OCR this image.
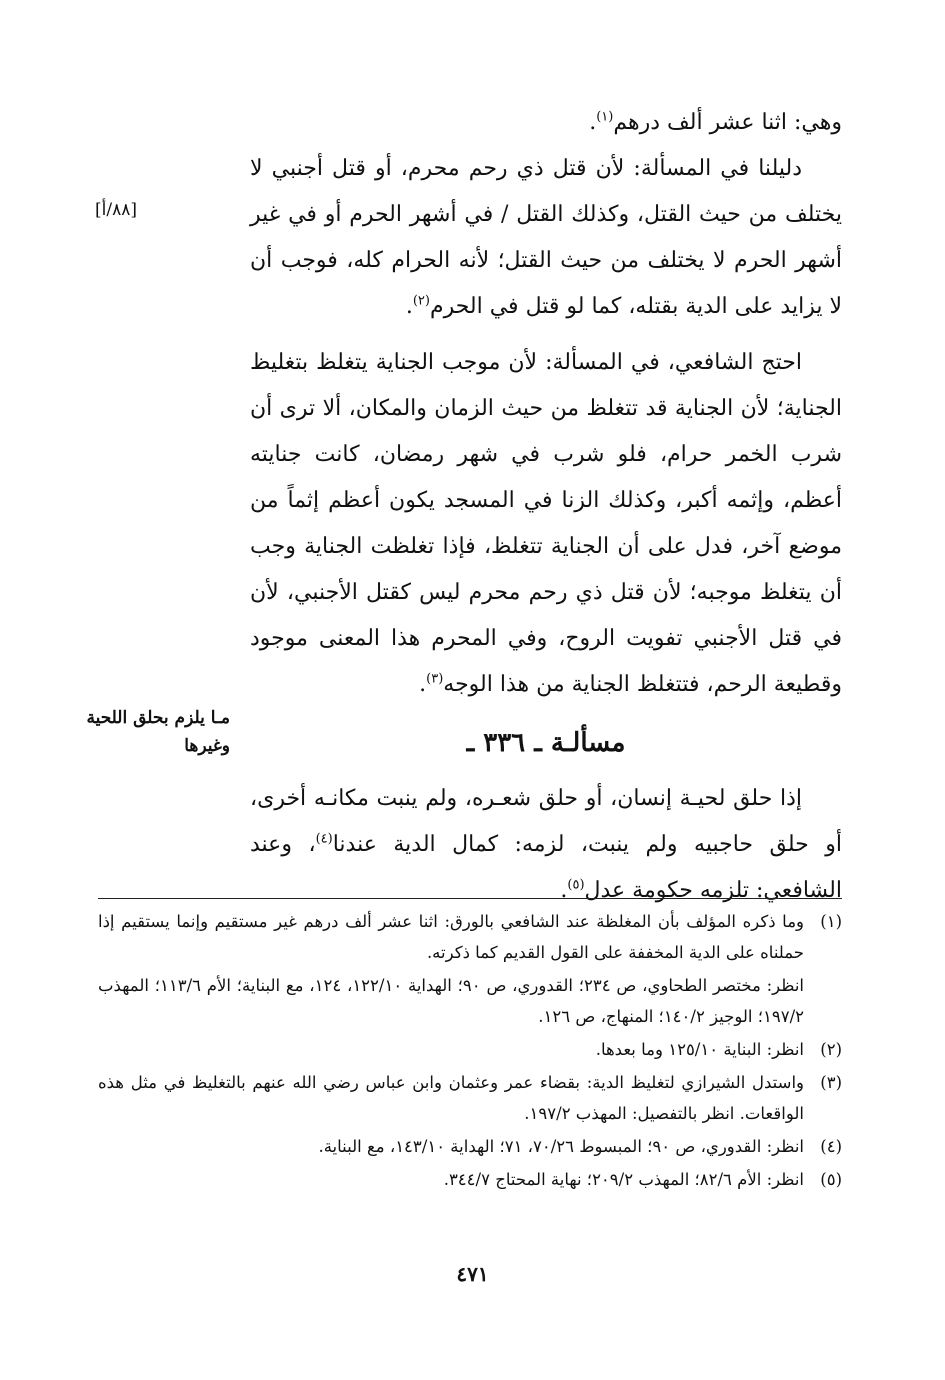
[٨٨/أ]
مـا يلزم بحلق اللحية وغيرها

وهي: اثنا عشر ألف درهم$^{(١)}$.

دليلنا في المسألة: لأن قتل ذي رحم محرم، أو قتل أجنبي لا يختلف من حيث القتل، وكذلك القتل / في أشهر الحرم أو في غير أشهر الحرم لا يختلف من حيث القتل؛ لأنه الحرام كله، فوجب أن لا يزايد على الدية بقتله، كما لو قتل في الحرم$^{(٢)}$.

احتج الشافعي، في المسألة: لأن موجب الجناية يتغلظ بتغليظ الجناية؛ لأن الجناية قد تتغلظ من حيث الزمان والمكان، ألا ترى أن شرب الخمر حرام، فلو شرب في شهر رمضان، كانت جنايته أعظم، وإثمه أكبر، وكذلك الزنا في المسجد يكون أعظم إثماً من موضع آخر، فدل على أن الجناية تتغلظ، فإذا تغلظت الجناية وجب أن يتغلظ موجبه؛ لأن قتل ذي رحم محرم ليس كقتل الأجنبي، لأن في قتل الأجنبي تفويت الروح، وفي المحرم هذا المعنى موجود وقطيعة الرحم، فتتغلظ الجناية من هذا الوجه$^{(٣)}$.

مسألـة ـ ٣٣٦ ـ

إذا حلق لحيـة إنسان، أو حلق شعـره، ولم ينبت مكانـه أخرى، أو حلق حاجبيه ولم ينبت، لزمه: كمال الدية عندنا$^{(٤)}$، وعند الشافعي: تلزمه حكومة عدل$^{(٥)}$.

(١)
وما ذكره المؤلف بأن المغلظة عند الشافعي بالورق: اثنا عشر ألف درهم غير مستقيم وإنما يستقيم إذا حملناه على الدية المخففة على القول القديم كما ذكرته.
انظر: مختصر الطحاوي، ص ٢٣٤؛ القدوري، ص ٩٠؛ الهداية ١٢٢/١٠، ١٢٤، مع البناية؛ الأم ١١٣/٦؛ المهذب ١٩٧/٢؛ الوجيز ١٤٠/٢؛ المنهاج، ص ١٢٦.
(٢)
انظر: البناية ١٢٥/١٠ وما بعدها.
(٣)
واستدل الشيرازي لتغليظ الدية: بقضاء عمر وعثمان وابن عباس رضي الله عنهم بالتغليظ في مثل هذه الواقعات. انظر بالتفصيل: المهذب ١٩٧/٢.
(٤)
انظر: القدوري، ص ٩٠؛ المبسوط ٧٠/٢٦، ٧١؛ الهداية ١٤٣/١٠، مع البناية.
(٥)
انظر: الأم ٨٢/٦؛ المهذب ٢٠٩/٢؛ نهاية المحتاج ٣٤٤/٧.
٤٧١
